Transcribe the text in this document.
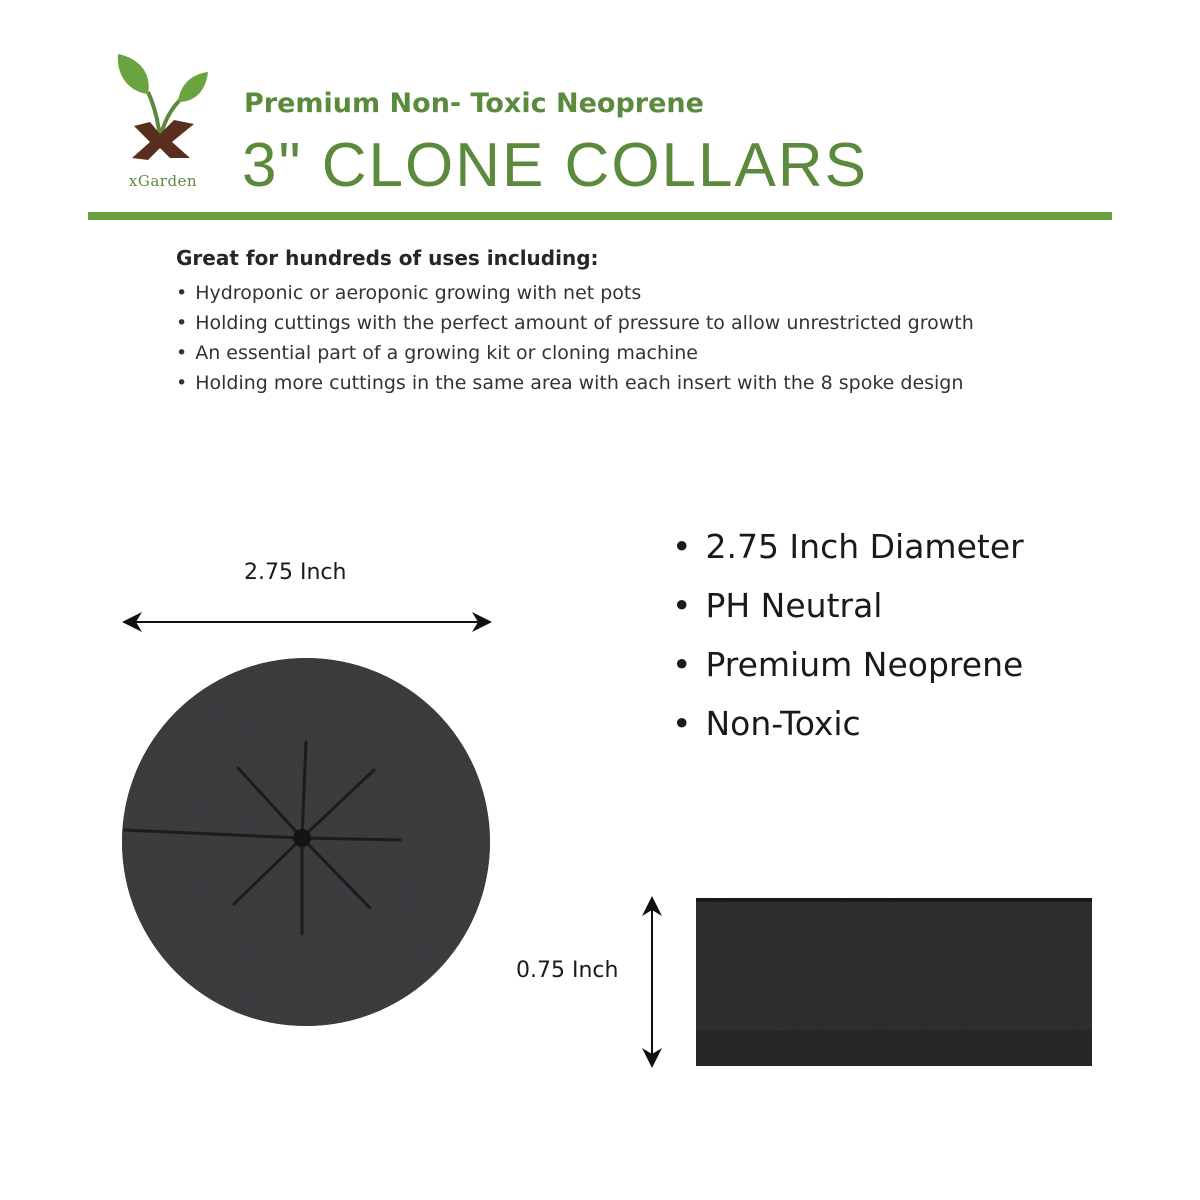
xGarden
Premium Non- Toxic Neoprene
3" CLONE COLLARS
Great for hundreds of uses including:
• Hydroponic or aeroponic growing with net pots
• Holding cuttings with the perfect amount of pressure to allow unrestricted growth
• An essential part of a growing kit or cloning machine
• Holding more cuttings in the same area with each insert with the 8 spoke design
• 2.75 Inch Diameter
• PH Neutral
• Premium Neoprene
• Non-Toxic
2.75 Inch
0.75 Inch
